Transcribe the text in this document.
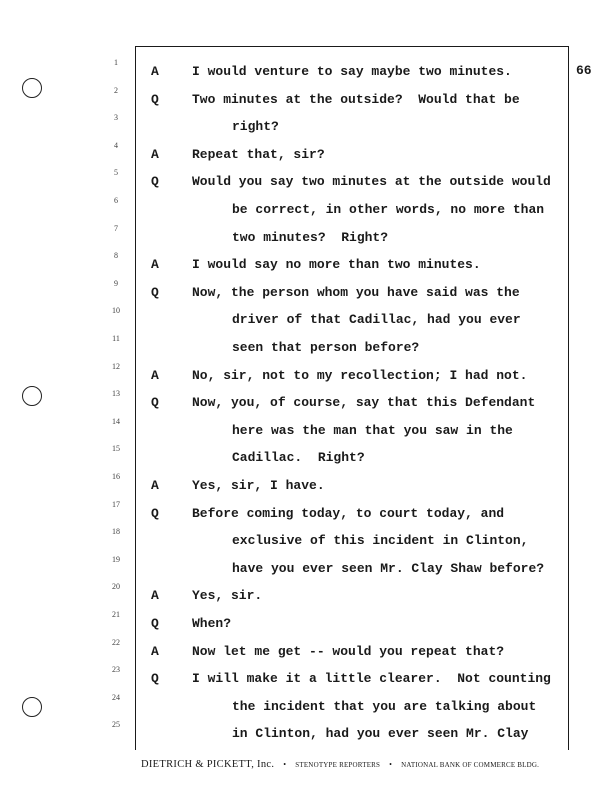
66
1
2
3
4
5
6
7
8
9
10
11
12
13
14
15
16
17
18
19
20
21
22
23
24
25
A	I would venture to say maybe two minutes.
Q	Two minutes at the outside?  Would that be
right?
A	Repeat that, sir?
Q	Would you say two minutes at the outside would
be correct, in other words, no more than
two minutes?  Right?
A	I would say no more than two minutes.
Q	Now, the person whom you have said was the
driver of that Cadillac, had you ever
seen that person before?
A	No, sir, not to my recollection; I had not.
Q	Now, you, of course, say that this Defendant
here was the man that you saw in the
Cadillac.  Right?
A	Yes, sir, I have.
Q	Before coming today, to court today, and
exclusive of this incident in Clinton,
have you ever seen Mr. Clay Shaw before?
A	Yes, sir.
Q	When?
A	Now let me get -- would you repeat that?
Q	I will make it a little clearer.  Not counting
the incident that you are talking about
in Clinton, had you ever seen Mr. Clay
DIETRICH & PICKETT, Inc. • STENOTYPE REPORTERS • NATIONAL BANK OF COMMERCE BLDG.
